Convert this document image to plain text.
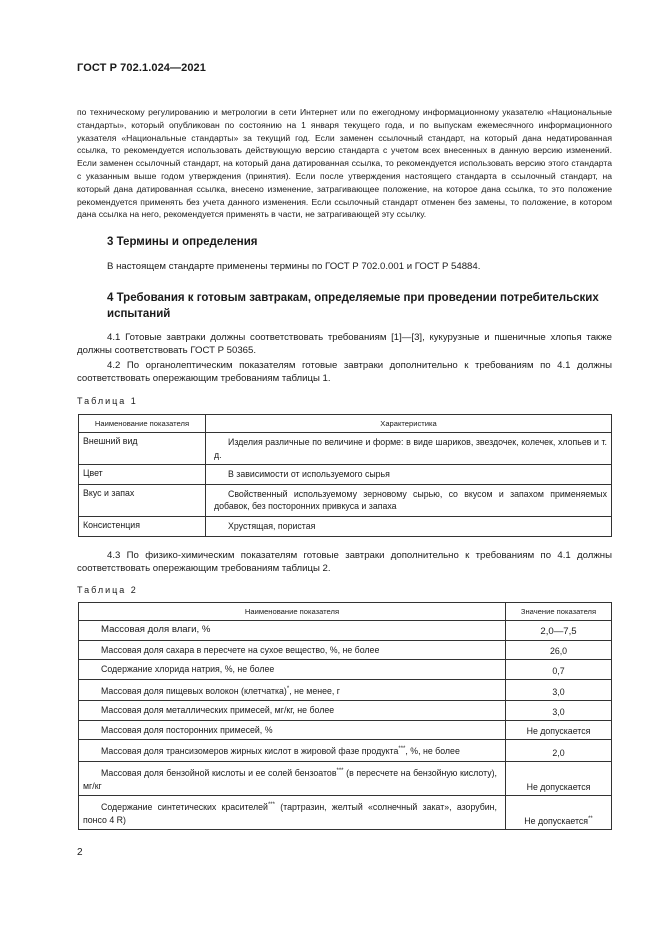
ГОСТ Р 702.1.024—2021
по техническому регулированию и метрологии в сети Интернет или по ежегодному информационному указателю «Национальные стандарты», который опубликован по состоянию на 1 января текущего года, и по выпускам ежемесячного информационного указателя «Национальные стандарты» за текущий год. Если заменен ссылочный стандарт, на который дана недатированная ссылка, то рекомендуется использовать действующую версию стандарта с учетом всех внесенных в данную версию изменений. Если заменен ссылочный стандарт, на который дана датированная ссылка, то рекомендуется использовать версию этого стандарта с указанным выше годом утверждения (принятия). Если после утверждения настоящего стандарта в ссылочный стандарт, на который дана датированная ссылка, внесено изменение, затрагивающее положение, на которое дана ссылка, то это положение рекомендуется применять без учета данного изменения. Если ссылочный стандарт отменен без замены, то положение, в котором дана ссылка на него, рекомендуется применять в части, не затрагивающей эту ссылку.
3 Термины и определения
В настоящем стандарте применены термины по ГОСТ Р 702.0.001 и ГОСТ Р 54884.
4 Требования к готовым завтракам, определяемые при проведении потребительских испытаний
4.1 Готовые завтраки должны соответствовать требованиям [1]—[3], кукурузные и пшеничные хлопья также должны соответствовать ГОСТ Р 50365.
4.2 По органолептическим показателям готовые завтраки дополнительно к требованиям по 4.1 должны соответствовать опережающим требованиям таблицы 1.
Таблица 1
Наименование показателя	Характеристика
Внешний вид	Изделия различные по величине и форме: в виде шариков, звездочек, колечек, хлопьев и т. д.
Цвет	В зависимости от используемого сырья
Вкус и запах	Свойственный используемому зерновому сырью, со вкусом и запахом применяемых добавок, без посторонних привкуса и запаха
Консистенция	Хрустящая, пористая
4.3 По физико-химическим показателям готовые завтраки дополнительно к требованиям по 4.1 должны соответствовать опережающим требованиям таблицы 2.
Таблица 2
Наименование показателя	Значение показателя
Массовая доля влаги, %	2,0—7,5
Массовая доля сахара в пересчете на сухое вещество, %, не более	26,0
Содержание хлорида натрия, %, не более	0,7
Массовая доля пищевых волокон (клетчатка)*, не менее, г	3,0
Массовая доля металлических примесей, мг/кг, не более	3,0
Массовая доля посторонних примесей, %	Не допускается
Массовая доля трансизомеров жирных кислот в жировой фазе продукта***, %, не более	2,0
Массовая доля бензойной кислоты и ее солей бензоатов*** (в пересчете на бензойную кислоту), мг/кг	Не допускается
Содержание синтетических красителей*** (тартразин, желтый «солнечный закат», азорубин, понсо 4 R)	Не допускается**
2
